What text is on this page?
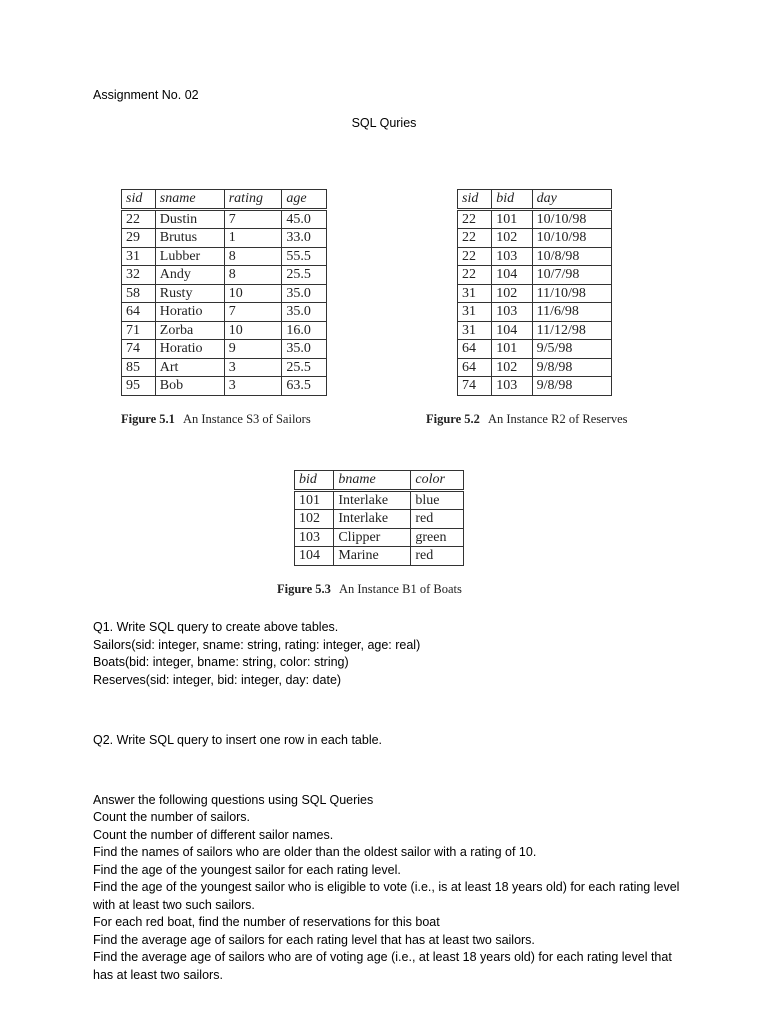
Assignment No. 02
SQL Quries
sid	sname	rating	age
22	Dustin	7	45.0
29	Brutus	1	33.0
31	Lubber	8	55.5
32	Andy	8	25.5
58	Rusty	10	35.0
64	Horatio	7	35.0
71	Zorba	10	16.0
74	Horatio	9	35.0
85	Art	3	25.5
95	Bob	3	63.5
Figure 5.1 An Instance S3 of Sailors
sid	bid	day
22	101	10/10/98
22	102	10/10/98
22	103	10/8/98
22	104	10/7/98
31	102	11/10/98
31	103	11/6/98
31	104	11/12/98
64	101	9/5/98
64	102	9/8/98
74	103	9/8/98
Figure 5.2 An Instance R2 of Reserves
bid	bname	color
101	Interlake	blue
102	Interlake	red
103	Clipper	green
104	Marine	red
Figure 5.3 An Instance B1 of Boats

Q1. Write SQL query to create above tables.

Sailors(sid: integer, sname: string, rating: integer, age: real)

Boats(bid: integer, bname: string, color: string)

Reserves(sid: integer, bid: integer, day: date)

Q2. Write SQL query to insert one row in each table.

Answer the following questions using SQL Queries

Count the number of sailors.

Count the number of different sailor names.

Find the names of sailors who are older than the oldest sailor with a rating of 10.

Find the age of the youngest sailor for each rating level.

Find the age of the youngest sailor who is eligible to vote (i.e., is at least 18 years old) for each rating level with at least two such sailors.

For each red boat, find the number of reservations for this boat

Find the average age of sailors for each rating level that has at least two sailors.

Find the average age of sailors who are of voting age (i.e., at least 18 years old) for each rating level that has at least two sailors.
